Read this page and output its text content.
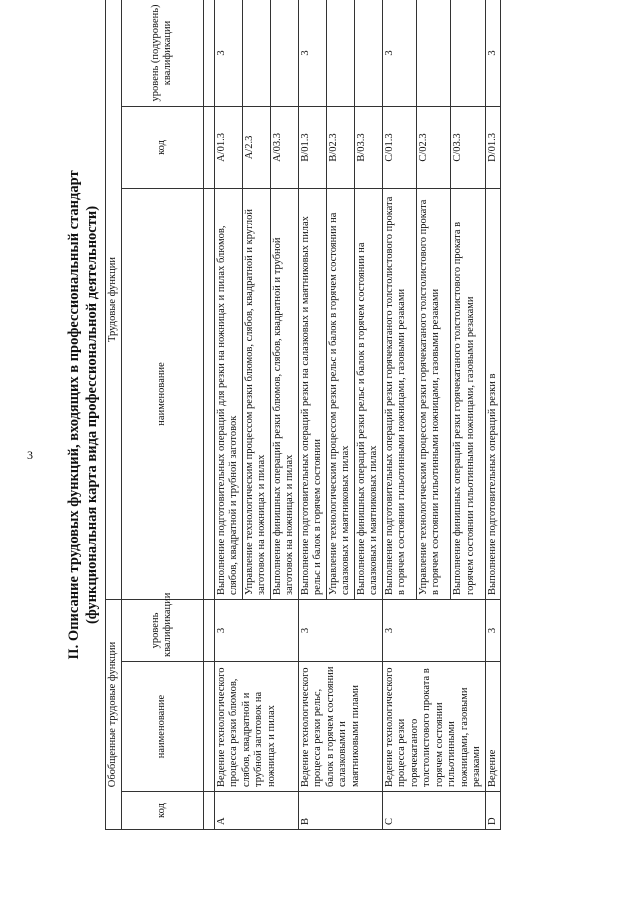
3 II. Описание трудовых функций, входящих в профессиональный стандарт (функциональная карта вида профессиональной деятельности)
Обобщенные трудовые функции			Трудовые функции		
код	наименование	уровень квалификации	наименование	код	уровень (подуровень) квалификации

A	Ведение технологического процесса резки блюмов, слябов, квадратной и трубной заготовок на ножницах и пилах	3	Выполнение подготовительных операций для резки на ножницах и пилах блюмов, слябов, квадратной и трубной заготовок	A/01.3	3
			Управление технологическим процессом резки блюмов, слябов, квадратной и круглой заготовок на ножницах и пилах	A/2.3	
			Выполнение финишных операций резки блюмов, слябов, квадратной и трубной заготовок на ножницах и пилах	A/03.3	
B	Ведение технологического процесса резки рельс, балок в горячем состоянии салазковыми и маятниковыми пилами	3	Выполнение подготовительных операций резки на салазковых и маятниковых пилах рельс и балок в горячем состоянии	B/01.3	3
			Управление технологическим процессом резки рельс и балок в горячем состоянии на салазковых и маятниковых пилах	B/02.3	
			Выполнение финишных операций резки рельс и балок в горячем состоянии на салазковых и маятниковых пилах	B/03.3	
C	Ведение технологического процесса резки горячекатаного толстолистового проката в горячем состоянии гильотинными ножницами, газовыми резаками	3	Выполнение подготовительных операций резки горячекатаного толстолистового проката в горячем состоянии гильотинными ножницами, газовыми резаками	C/01.3	3
			Управление технологическим процессом резки горячекатаного толстолистового проката в горячем состоянии гильотинными ножницами, газовыми резаками	C/02.3	
			Выполнение финишных операций резки горячекатаного толстолистового проката в горячем состоянии гильотинными ножницами, газовыми резаками	C/03.3	
D	Ведение	3	Выполнение подготовительных операций резки в	D/01.3	3
